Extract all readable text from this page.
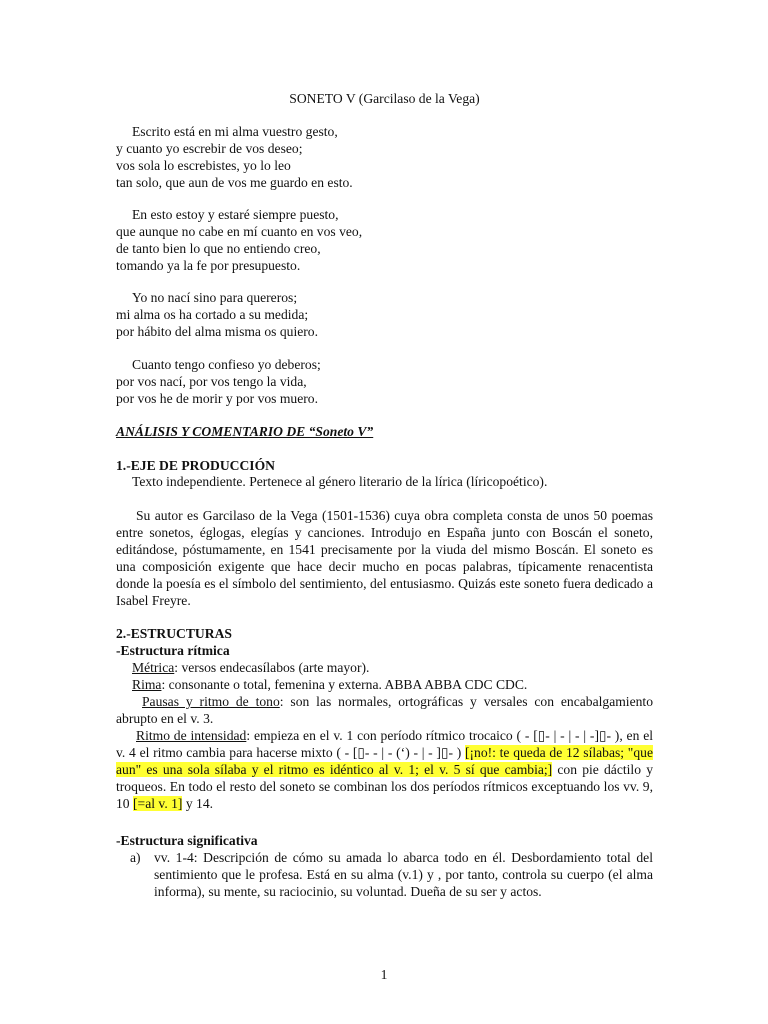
SONETO V (Garcilaso de la Vega)

Escrito está en mi alma vuestro gesto,

y cuanto yo escrebir de vos deseo;

vos sola lo escrebistes, yo lo leo

tan solo, que aun de vos me guardo en esto.

En esto estoy y estaré siempre puesto,

que aunque no cabe en mí cuanto en vos veo,

de tanto bien lo que no entiendo creo,

tomando ya la fe por presupuesto.

Yo no nací sino para quereros;

mi alma os ha cortado a su medida;

por hábito del alma misma os quiero.

Cuanto tengo confieso yo deberos;

por vos nací, por vos tengo la vida,

por vos he de morir y por vos muero.

ANÁLISIS Y COMENTARIO DE “Soneto V”
1.-EJE DE PRODUCCIÓN

Texto independiente. Pertenece al género literario de la lírica (líricopoético).

Su autor es Garcilaso de la Vega (1501-1536) cuya obra completa consta de unos 50 poemas entre sonetos, églogas, elegías y canciones. Introdujo en España junto con Boscán el soneto, editándose, póstumamente, en 1541 precisamente por la viuda del mismo Boscán. El soneto es una composición exigente que hace decir mucho en pocas palabras, típicamente renacentista donde la poesía es el símbolo del sentimiento, del entusiasmo. Quizás este soneto fuera dedicado a Isabel Freyre.

2.-ESTRUCTURAS
-Estructura rítmica

Métrica: versos endecasílabos (arte mayor).

Rima: consonante o total, femenina y externa. ABBA ABBA CDC CDC.

Pausas y ritmo de tono: son las normales, ortográficas y versales con encabalgamiento abrupto en el v. 3.

Ritmo de intensidad: empieza en el v. 1 con período rítmico trocaico ( - [▯- | - | - | -]▯- ), en el v. 4 el ritmo cambia para hacerse mixto ( - [▯- - | - (‘) - | - ]▯- ) [¡no!: te queda de 12 sílabas; "que aun" es una sola sílaba y el ritmo es idéntico al v. 1; el v. 5 sí que cambia;] con pie dáctilo y troqueos. En todo el resto del soneto se combinan los dos períodos rítmicos exceptuando los vv. 9, 10 [=al v. 1] y 14.

-Estructura significativa
a) vv. 1-4: Descripción de cómo su amada lo abarca todo en él. Desbordamiento total del sentimiento que le profesa. Está en su alma (v.1) y , por tanto, controla su cuerpo (el alma informa), su mente, su raciocinio, su voluntad. Dueña de su ser y actos.
1
